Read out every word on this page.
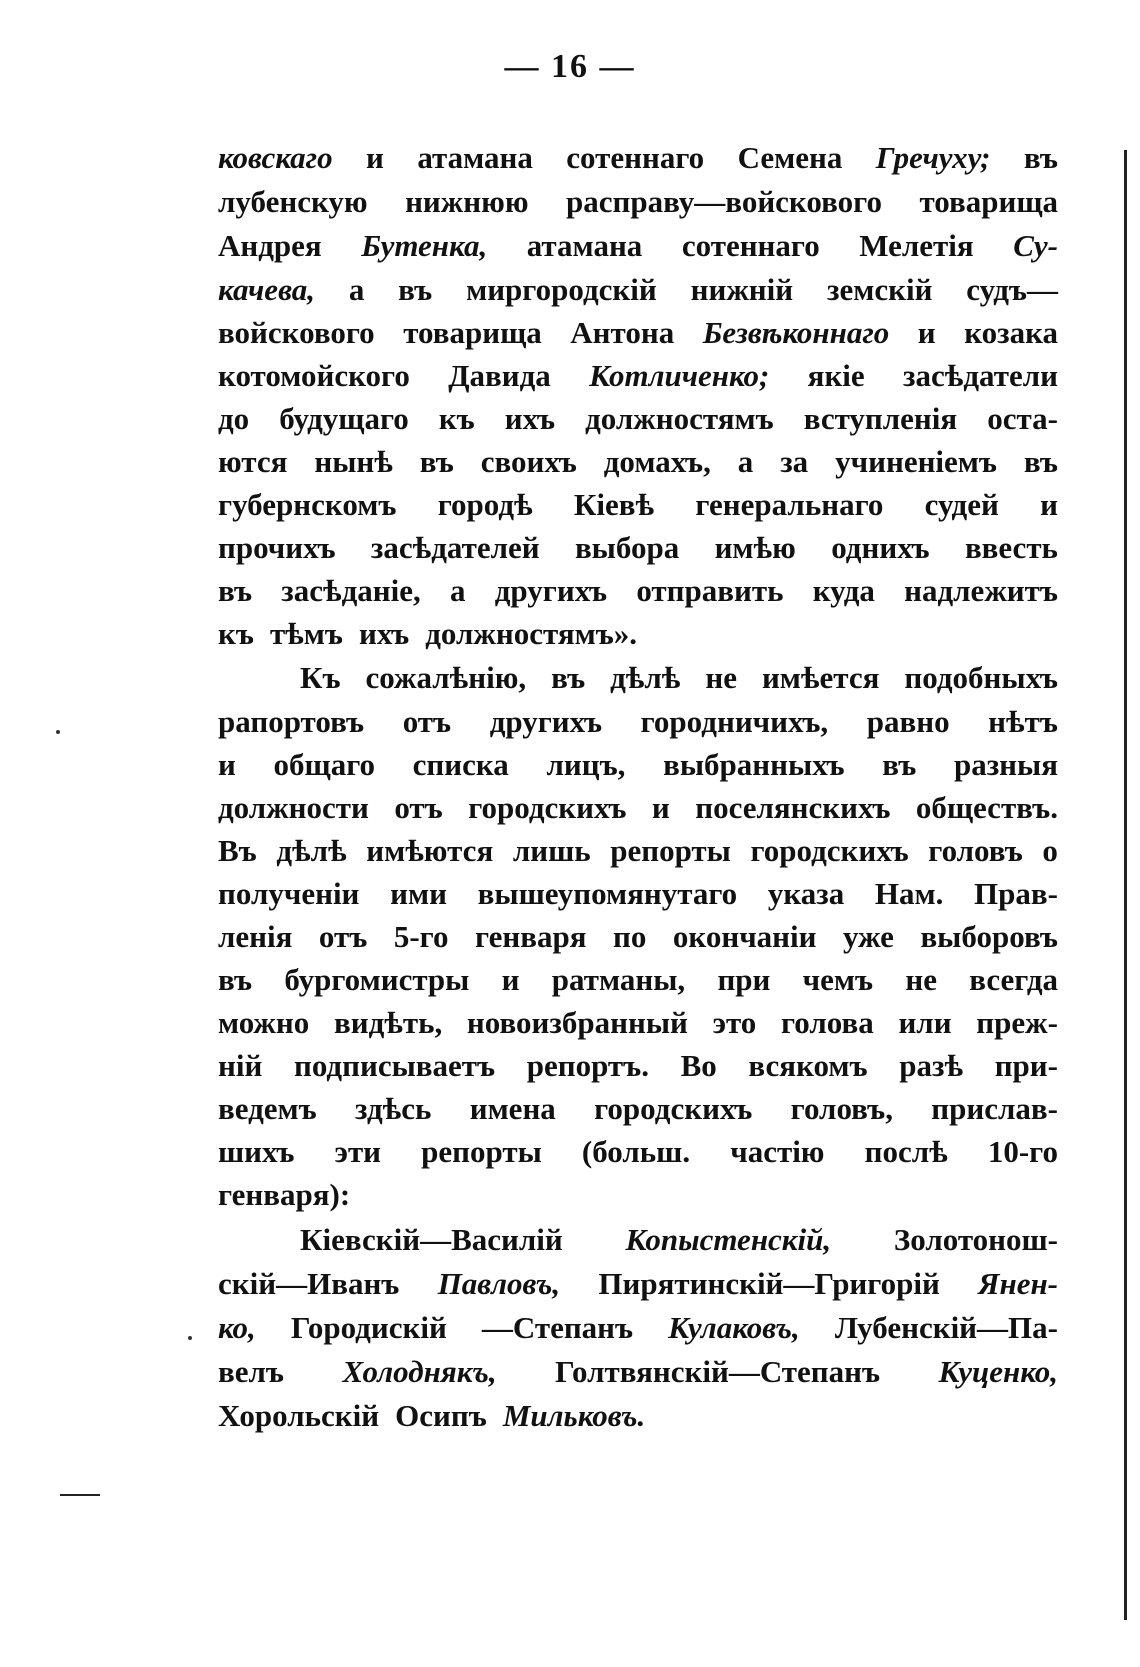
— 16 —
ковскаго и атамана сотеннаго Семена Гречуху; въ
лубенскую нижнюю расправу—войскового товарища
Андрея Бутенка, атамана сотеннаго Мелетія Су-
качева, а въ миргородскій нижній земскій судъ—
войскового товарища Антона Безвѣконнаго и козака
котомойского Давида Котличенко; якіе засѣдатели
до будущаго къ ихъ должностямъ вступленія оста-
ются нынѣ въ своихъ домахъ, а за учиненіемъ въ
губернскомъ городѣ Кіевѣ генеральнаго судей и
прочихъ засѣдателей выбора имѣю однихъ ввесть
въ засѣданіе, а другихъ отправить куда надлежитъ
къ тѣмъ ихъ должностямъ».
Къ сожалѣнію, въ дѣлѣ не имѣется подобныхъ
рапортовъ отъ другихъ городничихъ, равно нѣтъ
и общаго списка лицъ, выбранныхъ въ разныя
должности отъ городскихъ и поселянскихъ обществъ.
Въ дѣлѣ имѣются лишь репорты городскихъ головъ о
полученіи ими вышеупомянутаго указа Нам. Прав-
ленія отъ 5-го генваря по окончаніи уже выборовъ
въ бургомистры и ратманы, при чемъ не всегда
можно видѣть, новоизбранный это голова или преж-
ній подписываетъ репортъ. Во всякомъ разѣ при-
ведемъ здѣсь имена городскихъ головъ, прислав-
шихъ эти репорты (больш. частію послѣ 10-го
генваря):
Кіевскій—Василій Копыстенскій, Золотонош-
скій—Иванъ Павловъ, Пирятинскій—Григорій Янен-
ко, Городискій —Степанъ Кулаковъ, Лубенскій—Па-
велъ Холоднякъ, Голтвянскій—Степанъ Куценко,
Хорольскій Осипъ Мильковъ.
